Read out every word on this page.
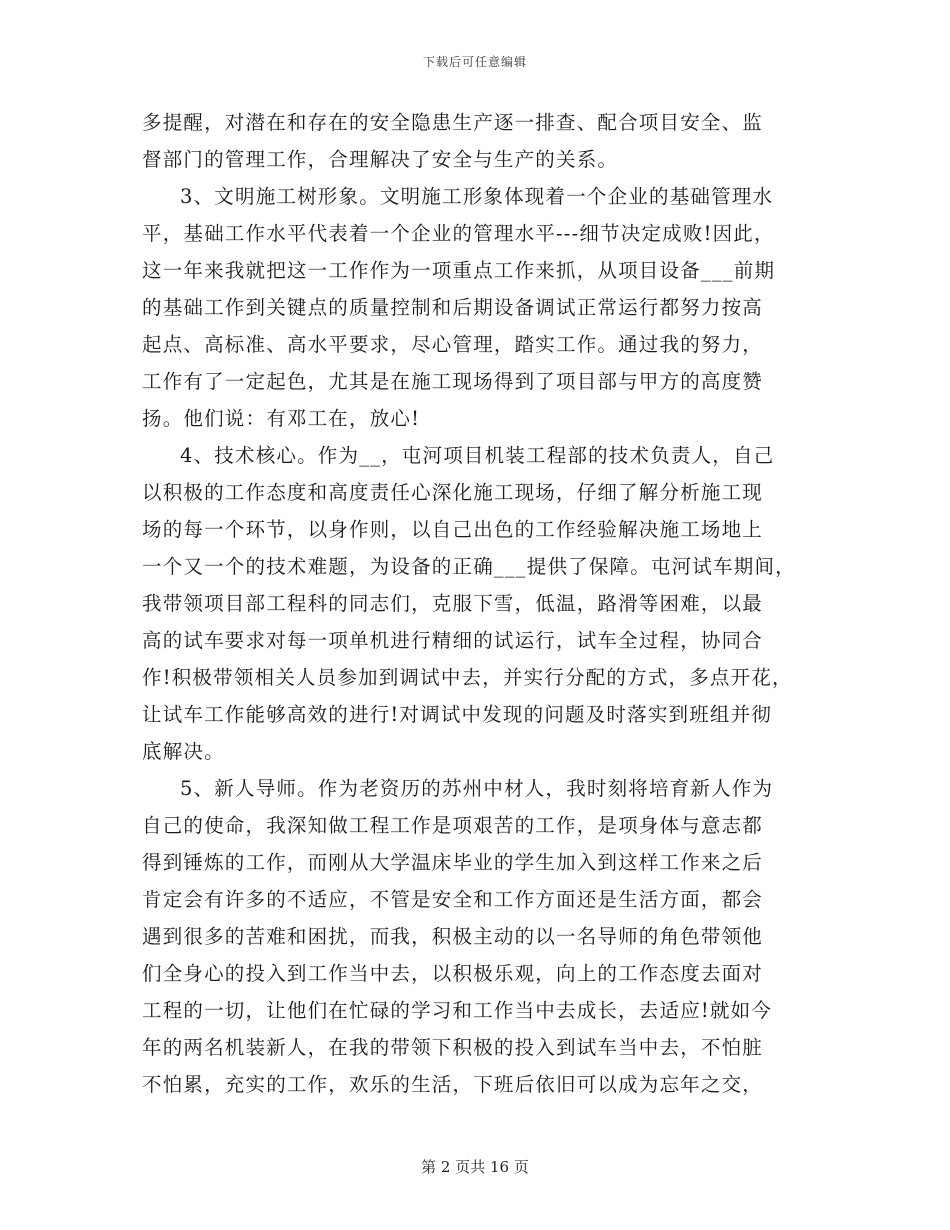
下载后可任意编辑
多提醒，对潜在和存在的安全隐患生产逐一排查、配合项目安全、监
督部门的管理工作，合理解决了安全与生产的关系。
3、文明施工树形象。文明施工形象体现着一个企业的基础管理水
平，基础工作水平代表着一个企业的管理水平---细节决定成败!因此，
这一年来我就把这一工作作为一项重点工作来抓，从项目设备___前期
的基础工作到关键点的质量控制和后期设备调试正常运行都努力按高
起点、高标准、高水平要求，尽心管理，踏实工作。通过我的努力，
工作有了一定起色，尤其是在施工现场得到了项目部与甲方的高度赞
扬。他们说：有邓工在，放心!
4、技术核心。作为__，屯河项目机装工程部的技术负责人，自己
以积极的工作态度和高度责任心深化施工现场，仔细了解分析施工现
场的每一个环节，以身作则，以自己出色的工作经验解决施工场地上
一个又一个的技术难题，为设备的正确___提供了保障。屯河试车期间，
我带领项目部工程科的同志们，克服下雪，低温，路滑等困难，以最
高的试车要求对每一项单机进行精细的试运行，试车全过程，协同合
作!积极带领相关人员参加到调试中去，并实行分配的方式，多点开花，
让试车工作能够高效的进行!对调试中发现的问题及时落实到班组并彻
底解决。
5、新人导师。作为老资历的苏州中材人，我时刻将培育新人作为
自己的使命，我深知做工程工作是项艰苦的工作，是项身体与意志都
得到锤炼的工作，而刚从大学温床毕业的学生加入到这样工作来之后
肯定会有许多的不适应，不管是安全和工作方面还是生活方面，都会
遇到很多的苦难和困扰，而我，积极主动的以一名导师的角色带领他
们全身心的投入到工作当中去，以积极乐观，向上的工作态度去面对
工程的一切，让他们在忙碌的学习和工作当中去成长，去适应!就如今
年的两名机装新人，在我的带领下积极的投入到试车当中去，不怕脏
不怕累，充实的工作，欢乐的生活，下班后依旧可以成为忘年之交，
第 2 页共 16 页
